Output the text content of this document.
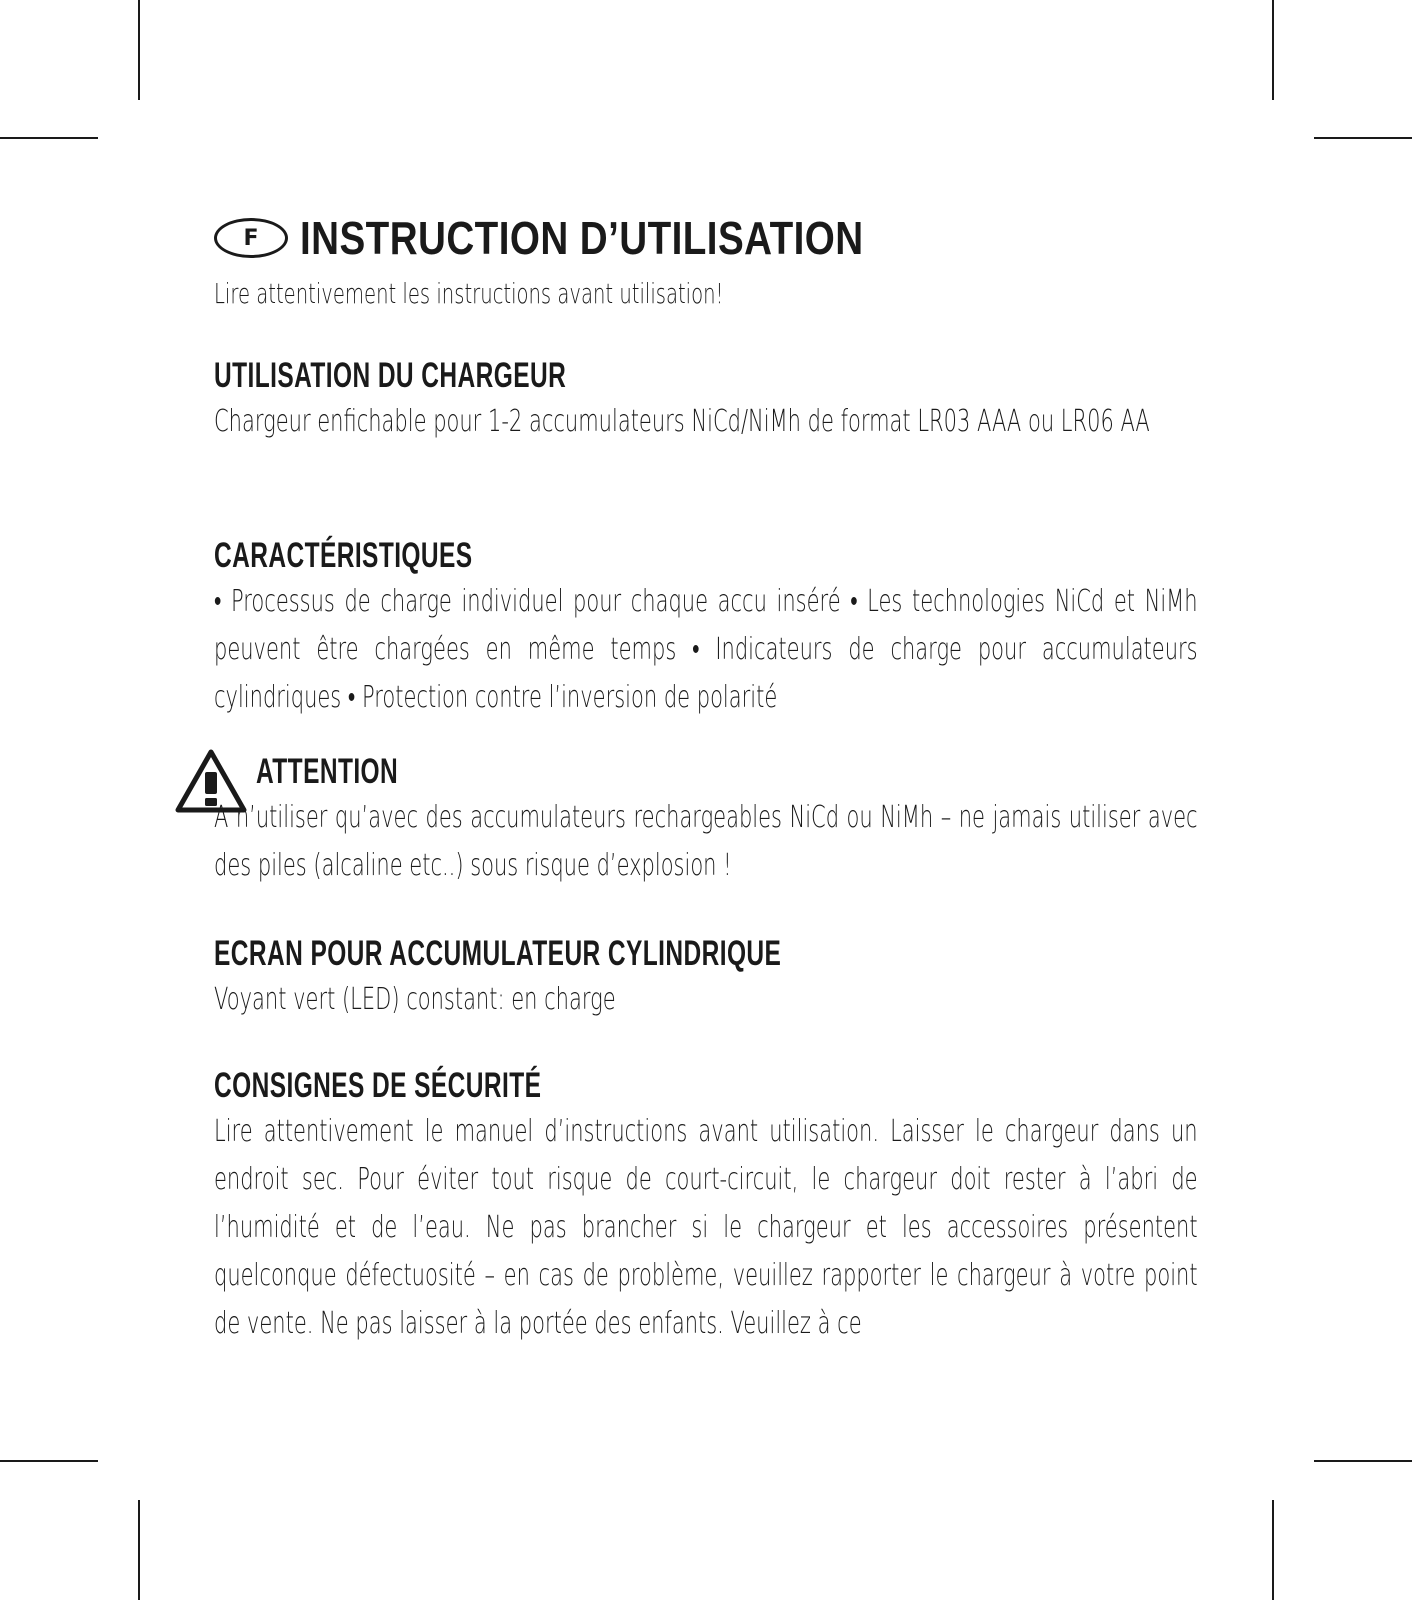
F INSTRUCTION D’UTILISATION
Lire attentivement les instructions avant utilisation!
UTILISATION DU CHARGEUR
Chargeur enfichable pour 1-2 accumulateurs NiCd/NiMh de format LR03 AAA ou LR06 AA
CARACTÉRISTIQUES
• Processus de charge individuel pour chaque accu inséré • Les technologies NiCd et NiMh peuvent être chargées en même temps • Indicateurs de charge pour accumulateurs cylindriques • Protection contre l’inversion de polarité
ATTENTION
A n’utiliser qu’avec des accumulateurs rechargeables NiCd ou NiMh – ne jamais utiliser avec des piles (alcaline etc..) sous risque d’explosion !
ECRAN POUR ACCUMULATEUR CYLINDRIQUE
Voyant vert (LED) constant: en charge
CONSIGNES DE SÉCURITÉ
Lire attentivement le manuel d’instructions avant utilisation. Laisser le chargeur dans un endroit sec. Pour éviter tout risque de court-circuit, le chargeur doit rester à l’abri de l’humidité et de l’eau. Ne pas brancher si le chargeur et les accessoires présentent quelconque défectuosité – en cas de problème, veuillez rapporter le chargeur à votre point de vente. Ne pas laisser à la portée des enfants. Veuillez à ce
